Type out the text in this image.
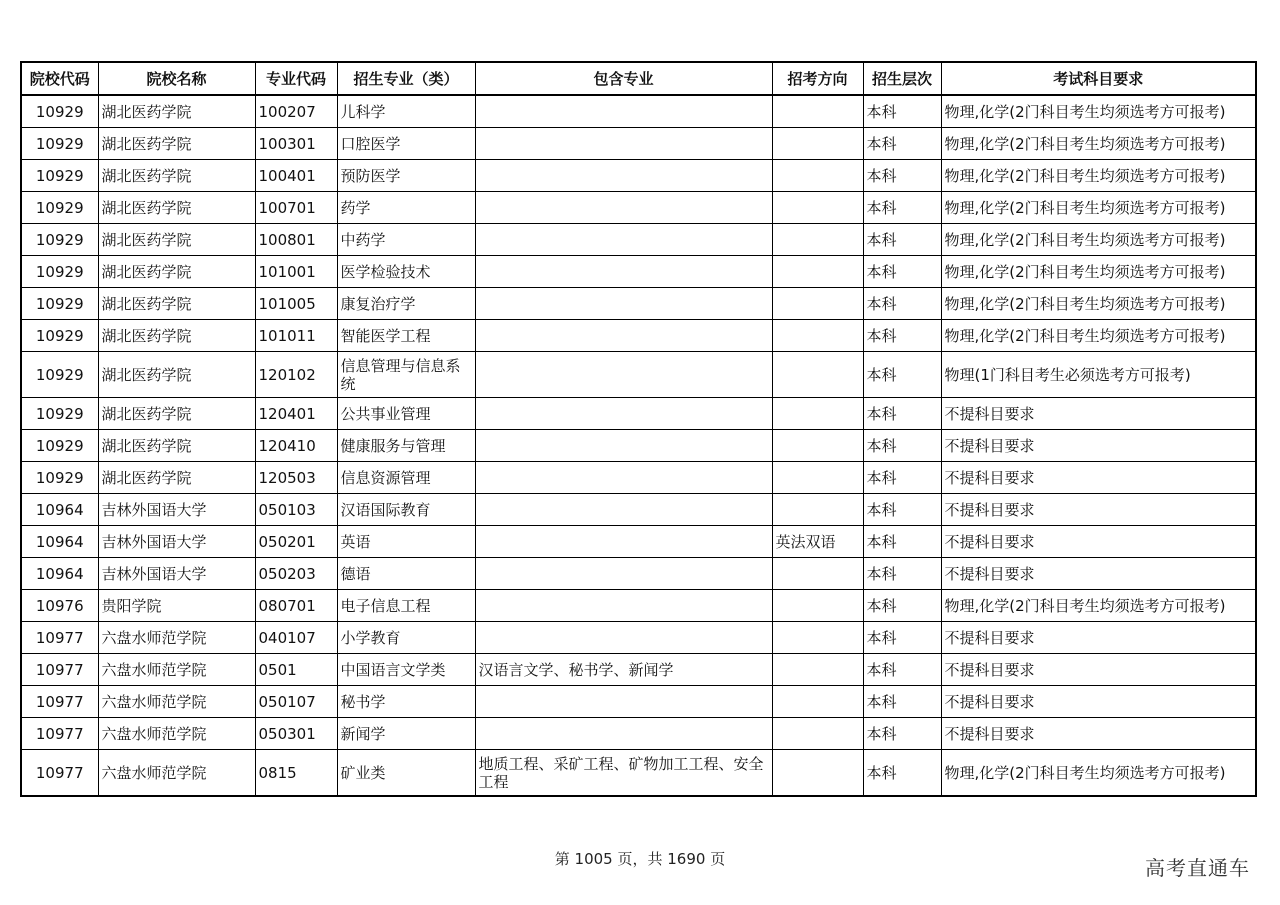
院校代码	院校名称	专业代码	招生专业（类）	包含专业	招考方向	招生层次	考试科目要求
10929	湖北医药学院	100207	儿科学			本科	物理,化学(2门科目考生均须选考方可报考)
10929	湖北医药学院	100301	口腔医学			本科	物理,化学(2门科目考生均须选考方可报考)
10929	湖北医药学院	100401	预防医学			本科	物理,化学(2门科目考生均须选考方可报考)
10929	湖北医药学院	100701	药学			本科	物理,化学(2门科目考生均须选考方可报考)
10929	湖北医药学院	100801	中药学			本科	物理,化学(2门科目考生均须选考方可报考)
10929	湖北医药学院	101001	医学检验技术			本科	物理,化学(2门科目考生均须选考方可报考)
10929	湖北医药学院	101005	康复治疗学			本科	物理,化学(2门科目考生均须选考方可报考)
10929	湖北医药学院	101011	智能医学工程			本科	物理,化学(2门科目考生均须选考方可报考)
10929	湖北医药学院	120102	信息管理与信息系统			本科	物理(1门科目考生必须选考方可报考)
10929	湖北医药学院	120401	公共事业管理			本科	不提科目要求
10929	湖北医药学院	120410	健康服务与管理			本科	不提科目要求
10929	湖北医药学院	120503	信息资源管理			本科	不提科目要求
10964	吉林外国语大学	050103	汉语国际教育			本科	不提科目要求
10964	吉林外国语大学	050201	英语		英法双语	本科	不提科目要求
10964	吉林外国语大学	050203	德语			本科	不提科目要求
10976	贵阳学院	080701	电子信息工程			本科	物理,化学(2门科目考生均须选考方可报考)
10977	六盘水师范学院	040107	小学教育			本科	不提科目要求
10977	六盘水师范学院	0501	中国语言文学类	汉语言文学、秘书学、新闻学		本科	不提科目要求
10977	六盘水师范学院	050107	秘书学			本科	不提科目要求
10977	六盘水师范学院	050301	新闻学			本科	不提科目要求
10977	六盘水师范学院	0815	矿业类	地质工程、采矿工程、矿物加工工程、安全工程		本科	物理,化学(2门科目考生均须选考方可报考)
第 1005 页，共 1690 页	高考直通车
